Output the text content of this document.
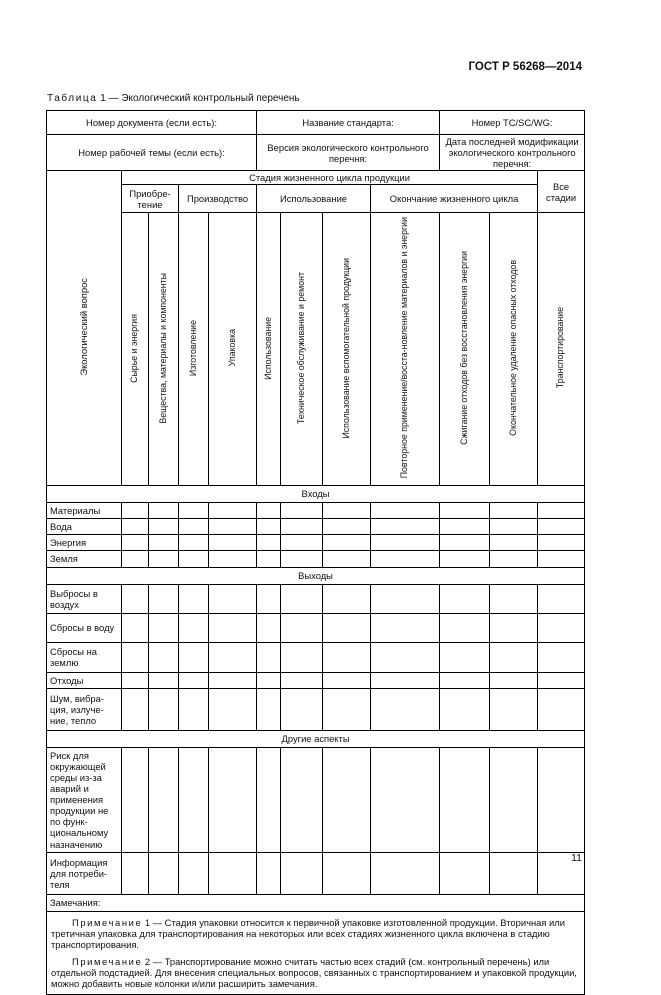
ГОСТ Р 56268—2014
Таблица 1 — Экологический контрольный перечень
Номер документа (если есть):					Название стандарта:				Номер TC/SC/WG:		
Номер рабочей темы (если есть):					Версия экологического контрольного перечня:				Дата последней модификации экологического контрольного перечня:		
Экологический вопрос	Стадия жизненного цикла продукции										Все стадии
	Приобре-тение		Производство		Использование			Окончание жизненного цикла			
	Сырье и энергия	Вещества, материалы и компоненты	Изготовление	Упаковка	Использование	Техническое обслуживание и ремонт	Использование вспомогательной продукции	Повторное применение/восста-новление материалов и энергии	Сжигание отходов без восстановления энергии	Окончательное удаление опасных отходов	Транспортирование
Входы											
Материалы											
Вода											
Энергия											
Земля											
Выходы											
Выбросы в воздух											
Сбросы в воду											
Сбросы на землю											
Отходы											
Шум, вибра-ция, излуче-ние, тепло											
Другие аспекты											
Риск для окружающей среды из-за аварий и применения продукции не по функ-циональному назначению											
Информация для потреби-теля											
Замечания:											

Примечание 1 — Стадия упаковки относится к первичной упаковке изготовленной продукции. Вторичная или третичная упаковка для транспортирования на некоторых или всех стадиях жизненного цикла включена в стадию транспортирования.

Примечание 2 — Транспортирование можно считать частью всех стадий (см. контрольный перечень) или отдельной подстадией. Для внесения специальных вопросов, связанных с транспортированием и упаковкой продукции, можно добавить новые колонки и/или расширить замечания.											

11
